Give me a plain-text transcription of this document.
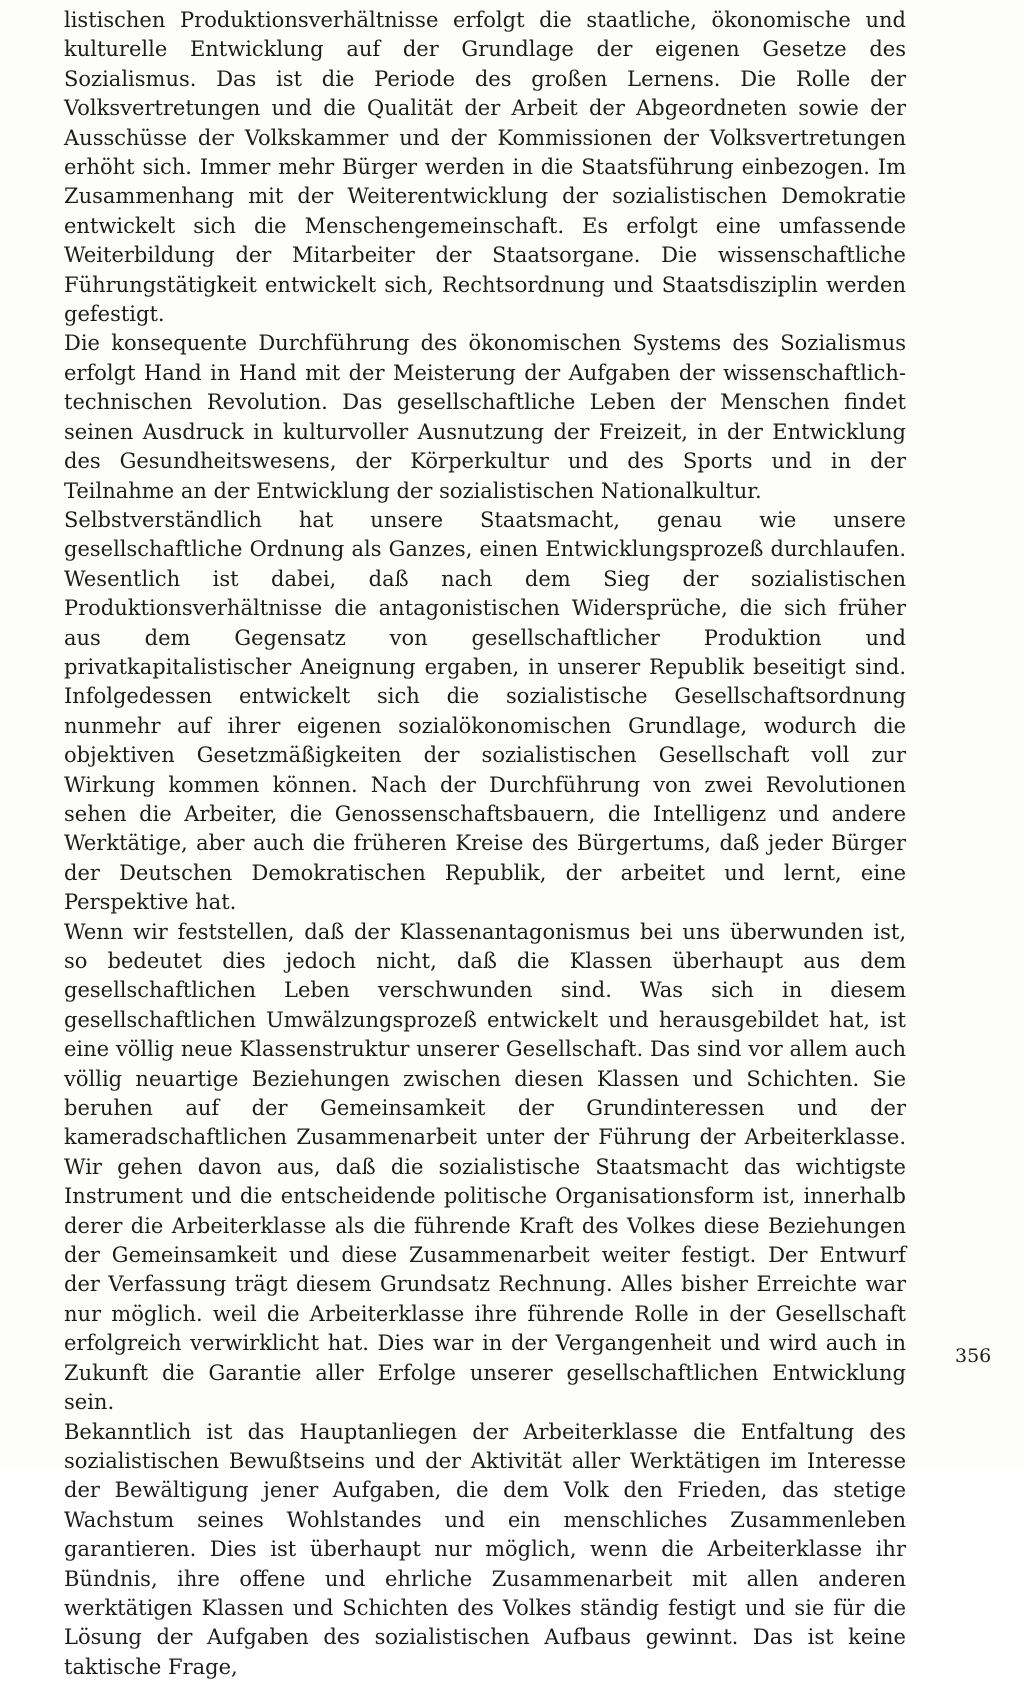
listischen Produktionsverhältnisse erfolgt die staatliche, ökonomische und kulturelle Entwicklung auf der Grundlage der eigenen Gesetze des Sozialismus. Das ist die Periode des großen Lernens. Die Rolle der Volksvertretungen und die Qualität der Arbeit der Abgeordneten sowie der Ausschüsse der Volkskammer und der Kommissionen der Volksvertretungen erhöht sich. Immer mehr Bürger werden in die Staatsführung einbezogen. Im Zusammenhang mit der Weiterentwicklung der sozialistischen Demokratie entwickelt sich die Menschengemeinschaft. Es erfolgt eine umfassende Weiterbildung der Mitarbeiter der Staatsorgane. Die wissenschaftliche Führungstätigkeit entwickelt sich, Rechtsordnung und Staatsdisziplin werden gefestigt.

Die konsequente Durchführung des ökonomischen Systems des Sozialismus erfolgt Hand in Hand mit der Meisterung der Aufgaben der wissenschaftlich-technischen Revolution. Das gesellschaftliche Leben der Menschen findet seinen Ausdruck in kulturvoller Ausnutzung der Freizeit, in der Entwicklung des Gesundheitswesens, der Körperkultur und des Sports und in der Teilnahme an der Entwicklung der sozialistischen Nationalkultur.

Selbstverständlich hat unsere Staatsmacht, genau wie unsere gesellschaftliche Ordnung als Ganzes, einen Entwicklungsprozeß durchlaufen. Wesentlich ist dabei, daß nach dem Sieg der sozialistischen Produktionsverhältnisse die antagonistischen Widersprüche, die sich früher aus dem Gegensatz von gesellschaftlicher Produktion und privatkapitalistischer Aneignung ergaben, in unserer Republik beseitigt sind. Infolgedessen entwickelt sich die sozialistische Gesellschaftsordnung nunmehr auf ihrer eigenen sozialökonomischen Grundlage, wodurch die objektiven Gesetzmäßigkeiten der sozialistischen Gesellschaft voll zur Wirkung kommen können. Nach der Durchführung von zwei Revolutionen sehen die Arbeiter, die Genossenschaftsbauern, die Intelligenz und andere Werktätige, aber auch die früheren Kreise des Bürgertums, daß jeder Bürger der Deutschen Demokratischen Republik, der arbeitet und lernt, eine Perspektive hat.

Wenn wir feststellen, daß der Klassenantagonismus bei uns überwunden ist, so bedeutet dies jedoch nicht, daß die Klassen überhaupt aus dem gesellschaftlichen Leben verschwunden sind. Was sich in diesem gesellschaftlichen Umwälzungsprozeß entwickelt und herausgebildet hat, ist eine völlig neue Klassenstruktur unserer Gesellschaft. Das sind vor allem auch völlig neuartige Beziehungen zwischen diesen Klassen und Schichten. Sie beruhen auf der Gemeinsamkeit der Grundinteressen und der kameradschaftlichen Zusammenarbeit unter der Führung der Arbeiterklasse. Wir gehen davon aus, daß die sozialistische Staatsmacht das wichtigste Instrument und die entscheidende politische Organisationsform ist, innerhalb derer die Arbeiterklasse als die führende Kraft des Volkes diese Beziehungen der Gemeinsamkeit und diese Zusammenarbeit weiter festigt. Der Entwurf der Verfassung trägt diesem Grundsatz Rechnung. Alles bisher Erreichte war nur möglich. weil die Arbeiterklasse ihre führende Rolle in der Gesellschaft erfolgreich verwirklicht hat. Dies war in der Vergangenheit und wird auch in Zukunft die Garantie aller Erfolge unserer gesellschaftlichen Entwicklung sein.

Bekanntlich ist das Hauptanliegen der Arbeiterklasse die Entfaltung des sozialistischen Bewußtseins und der Aktivität aller Werktätigen im Interesse der Bewältigung jener Aufgaben, die dem Volk den Frieden, das stetige Wachstum seines Wohlstandes und ein menschliches Zusammenleben garantieren. Dies ist überhaupt nur möglich, wenn die Arbeiterklasse ihr Bündnis, ihre offene und ehrliche Zusammenarbeit mit allen anderen werktätigen Klassen und Schichten des Volkes ständig festigt und sie für die Lösung der Aufgaben des sozialistischen Aufbaus gewinnt. Das ist keine taktische Frage,

356
